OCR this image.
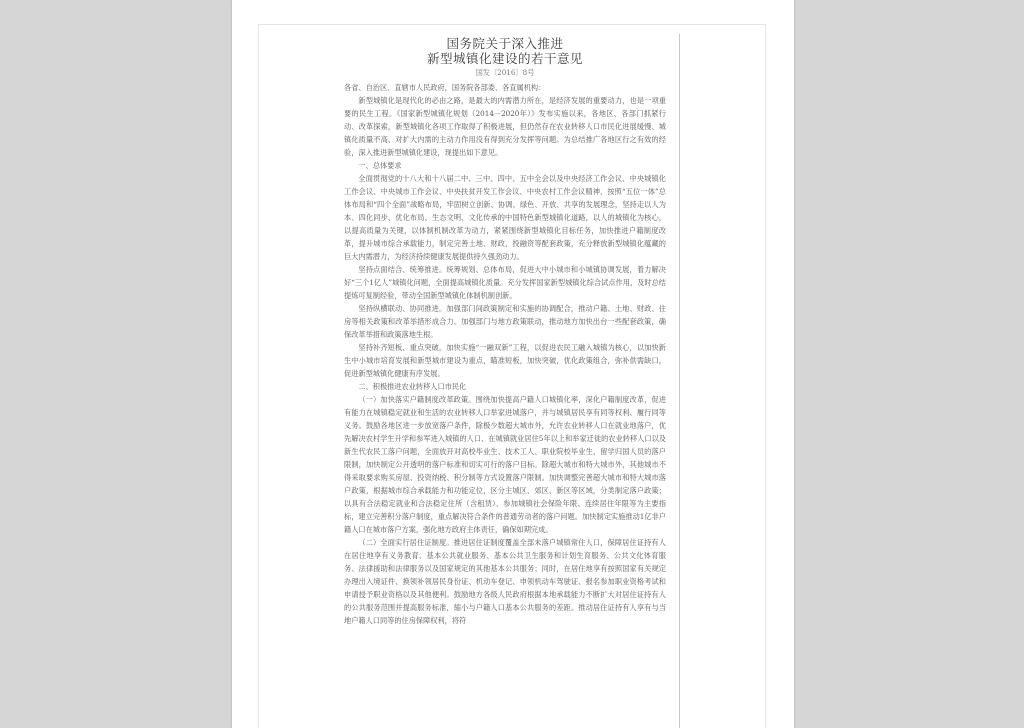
国务院关于深入推进
新型城镇化建设的若干意见
国发〔2016〕8号

各省、自治区、直辖市人民政府，国务院各部委、各直属机构：

新型城镇化是现代化的必由之路，是最大的内需潜力所在，是经济发展的重要动力，也是一项重要的民生工程。《国家新型城镇化规划（2014－2020年）》发布实施以来，各地区、各部门抓紧行动、改革探索，新型城镇化各项工作取得了积极进展，但仍然存在农业转移人口市民化进展缓慢、城镇化质量不高、对扩大内需的主动力作用没有得到充分发挥等问题。为总结推广各地区行之有效的经验，深入推进新型城镇化建设，现提出如下意见。

一、总体要求

全面贯彻党的十八大和十八届二中、三中、四中、五中全会以及中央经济工作会议、中央城镇化工作会议、中央城市工作会议、中央扶贫开发工作会议、中央农村工作会议精神，按照“五位一体”总体布局和“四个全面”战略布局，牢固树立创新、协调、绿色、开放、共享的发展理念，坚持走以人为本、四化同步、优化布局、生态文明、文化传承的中国特色新型城镇化道路，以人的城镇化为核心，以提高质量为关键，以体制机制改革为动力，紧紧围绕新型城镇化目标任务，加快推进户籍制度改革，提升城市综合承载能力，制定完善土地、财政、投融资等配套政策，充分释放新型城镇化蕴藏的巨大内需潜力，为经济持续健康发展提供持久强劲动力。

坚持点面结合、统筹推进。统筹规划、总体布局，促进大中小城市和小城镇协调发展，着力解决好“三个1亿人”城镇化问题，全面提高城镇化质量。充分发挥国家新型城镇化综合试点作用，及时总结提炼可复制经验，带动全国新型城镇化体制机制创新。

坚持纵横联动、协同推进。加强部门间政策制定和实施的协调配合，推动户籍、土地、财政、住房等相关政策和改革举措形成合力。加强部门与地方政策联动，推动地方加快出台一些配套政策，确保改革举措和政策落地生根。

坚持补齐短板、重点突破。加快实施“一融双新”工程，以促进农民工融入城镇为核心，以加快新生中小城市培育发展和新型城市建设为重点，瞄准短板，加快突破，优化政策组合，弥补供需缺口，促进新型城镇化健康有序发展。

二、积极推进农业转移人口市民化

（一）加快落实户籍制度改革政策。围绕加快提高户籍人口城镇化率，深化户籍制度改革，促进有能力在城镇稳定就业和生活的农业转移人口举家进城落户，并与城镇居民享有同等权利、履行同等义务。鼓励各地区进一步放宽落户条件，除极少数超大城市外，允许农业转移人口在就业地落户，优先解决农村学生升学和参军进入城镇的人口、在城镇就业居住5年以上和举家迁徙的农业转移人口以及新生代农民工落户问题，全面放开对高校毕业生、技术工人、职业院校毕业生、留学归国人员的落户限制，加快制定公开透明的落户标准和切实可行的落户目标。除超大城市和特大城市外，其他城市不得采取要求购买房屋、投资纳税、积分制等方式设置落户限制。加快调整完善超大城市和特大城市落户政策，根据城市综合承载能力和功能定位，区分主城区、郊区、新区等区域，分类制定落户政策；以具有合法稳定就业和合法稳定住所（含租赁）、参加城镇社会保险年限、连续居住年限等为主要指标，建立完善积分落户制度，重点解决符合条件的普通劳动者的落户问题。加快制定实施推动1亿非户籍人口在城市落户方案，强化地方政府主体责任，确保如期完成。

（二）全面实行居住证制度。推进居住证制度覆盖全部未落户城镇常住人口，保障居住证持有人在居住地享有义务教育、基本公共就业服务、基本公共卫生服务和计划生育服务、公共文化体育服务、法律援助和法律服务以及国家规定的其他基本公共服务；同时，在居住地享有按照国家有关规定办理出入境证件、换领补领居民身份证、机动车登记、申领机动车驾驶证、报名参加职业资格考试和申请授予职业资格以及其他便利。鼓励地方各级人民政府根据本地承载能力不断扩大对居住证持有人的公共服务范围并提高服务标准，缩小与户籍人口基本公共服务的差距。推动居住证持有人享有与当地户籍人口同等的住房保障权利，将符
